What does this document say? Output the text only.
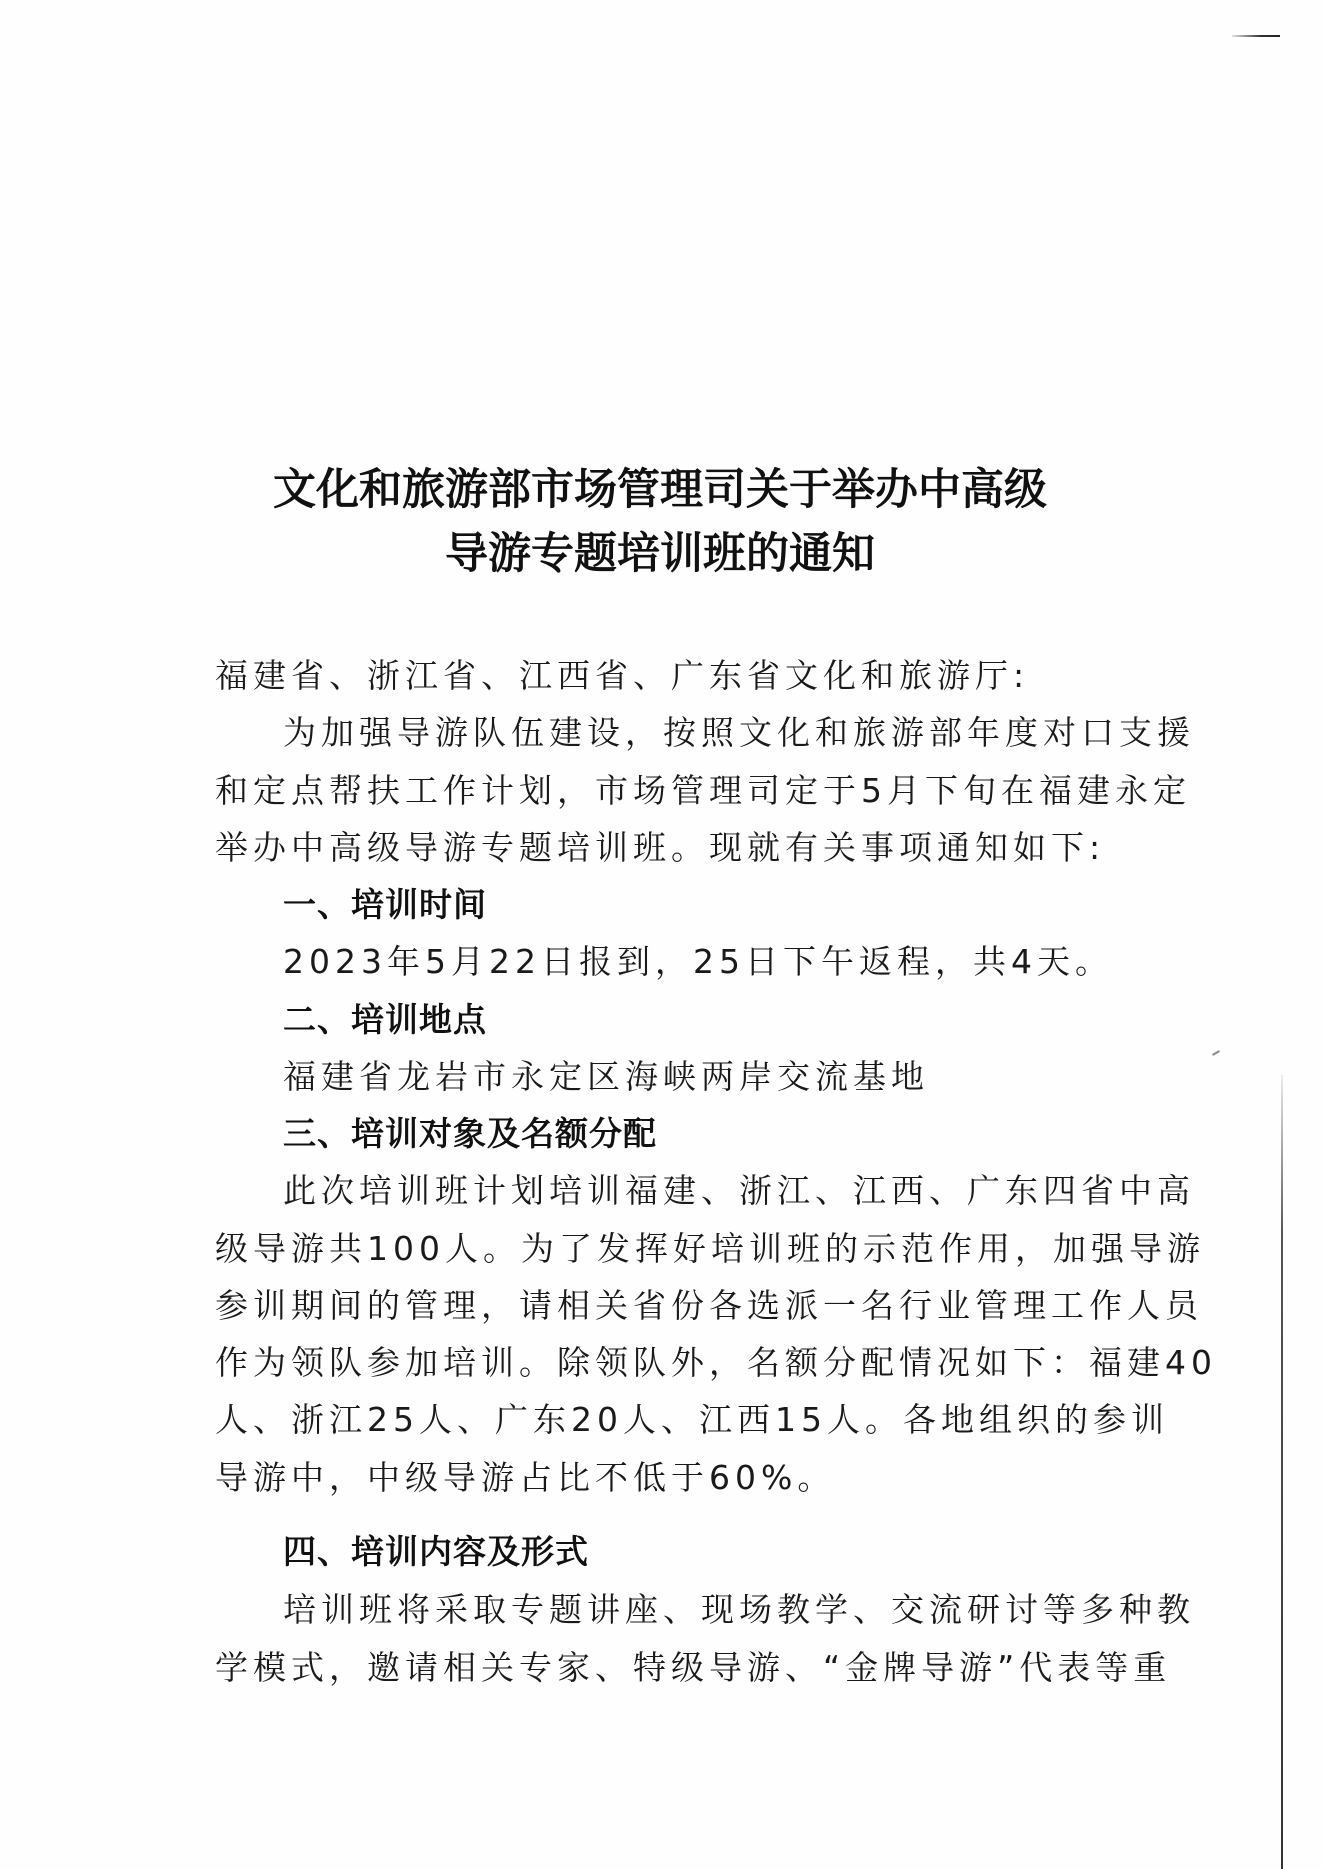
文化和旅游部市场管理司关于举办中高级
导游专题培训班的通知
福建省、浙江省、江西省、广东省文化和旅游厅:
为加强导游队伍建设，按照文化和旅游部年度对口支援
和定点帮扶工作计划，市场管理司定于5月下旬在福建永定
举办中高级导游专题培训班。现就有关事项通知如下:
一、培训时间
2023年5月22日报到，25日下午返程，共4天。
二、培训地点
福建省龙岩市永定区海峡两岸交流基地
三、培训对象及名额分配
此次培训班计划培训福建、浙江、江西、广东四省中高
级导游共100人。为了发挥好培训班的示范作用，加强导游
参训期间的管理，请相关省份各选派一名行业管理工作人员
作为领队参加培训。除领队外，名额分配情况如下：福建40
人、浙江25人、广东20人、江西15人。各地组织的参训
导游中，中级导游占比不低于60%。
四、培训内容及形式
培训班将采取专题讲座、现场教学、交流研讨等多种教
学模式，邀请相关专家、特级导游、“金牌导游”代表等重
